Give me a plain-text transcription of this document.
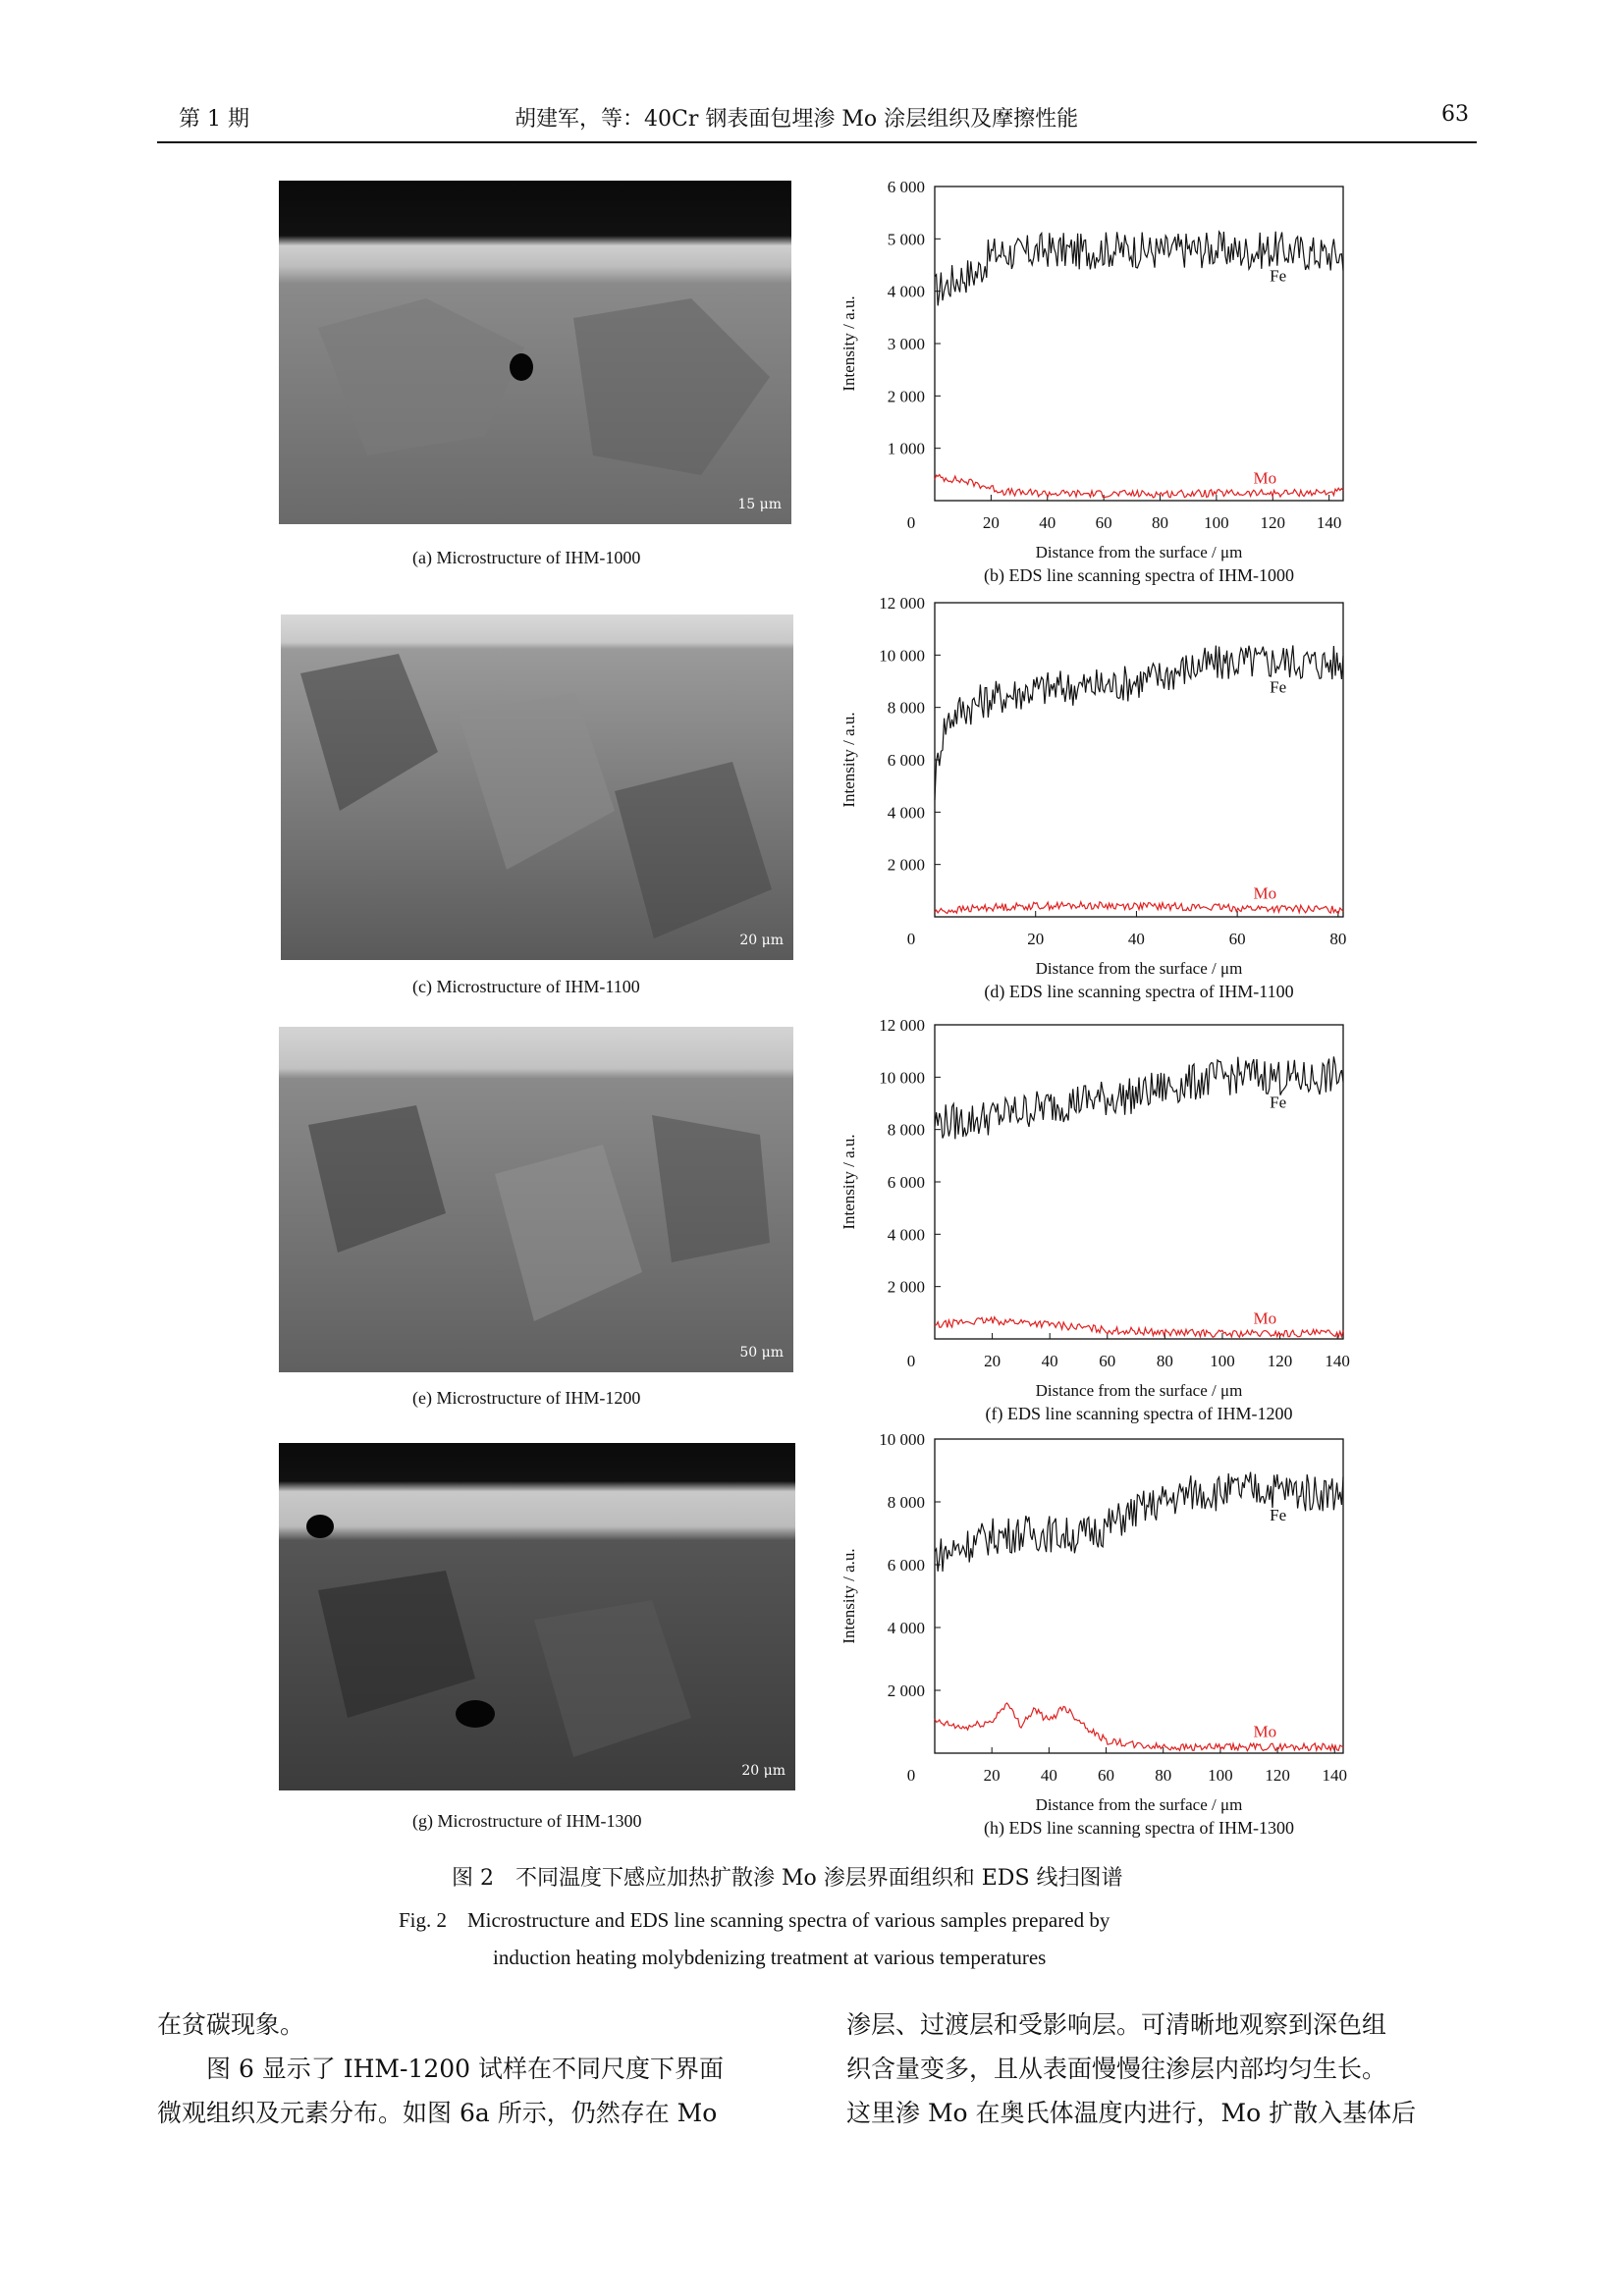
第 1 期	胡建军，等：40Cr 钢表面包埋渗 Mo 涂层组织及摩擦性能	63
15 μm
(a) Microstructure of IHM-1000
20 μm
(c) Microstructure of IHM-1100
50 μm
(e) Microstructure of IHM-1200
20 μm
(g) Microstructure of IHM-1300
1 000
2 000
3 000
4 000
5 000
6 000
20 40 60 80 100 120 140
0
Distance from the surface / μm
Intensity / a.u.
Fe
Mo
(b) EDS line scanning spectra of IHM-1000
2 000
4 000
6 000
8 000
10 000
12 000
20	40	60	80
0
Distance from the surface / μm
Intensity / a.u.
Fe
Mo
(d) EDS line scanning spectra of IHM-1100
2 000
4 000
6 000
8 000
10 000
12 000
20 40 60 80 100 120 140
0
Distance from the surface / μm
Intensity / a.u.
Fe
Mo
(f) EDS line scanning spectra of IHM-1200
2 000
4 000
6 000
8 000
10 000
20 40 60 80 100 120 140
0
Distance from the surface / μm
Intensity / a.u.
Fe
Mo
(h) EDS line scanning spectra of IHM-1300
图 2　不同温度下感应加热扩散渗 Mo 渗层界面组织和 EDS 线扫图谱
Fig. 2　Microstructure and EDS line scanning spectra of various samples prepared by
induction heating molybdenizing treatment at various temperatures
在贫碳现象。
　　图 6 显示了 IHM-1200 试样在不同尺度下界面
微观组织及元素分布。如图 6a 所示，仍然存在 Mo
渗层、过渡层和受影响层。可清晰地观察到深色组
织含量变多，且从表面慢慢往渗层内部均匀生长。
这里渗 Mo 在奥氏体温度内进行，Mo 扩散入基体后
